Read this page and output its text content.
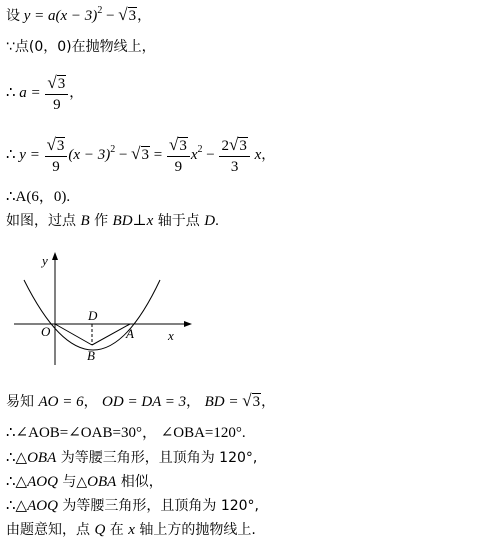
设 $y = a(x - 3)^2 - √3$，
∵点(0，0)在抛物线上，
∴ $a = \frac{√3}{9}$ ，
∴ $y = \frac{√3}{9} (x - 3)^2 - √3 = \frac{√3}{9} x^2 - \frac{2√3}{3}$ x，
∴A(6，0).
如图，过点 B 作 BD⊥x 轴于点 D.
y
x
O
D
A
B
易知 AO = 6， OD = DA = 3， BD = √3，
∴∠AOB=∠OAB=30°， ∠OBA=120°.
∴△OBA 为等腰三角形，且顶角为 120°,
∴△AOQ 与△OBA 相似，
∴△AOQ 为等腰三角形，且顶角为 120°,
由题意知，点 Q 在 x 轴上方的抛物线上.
